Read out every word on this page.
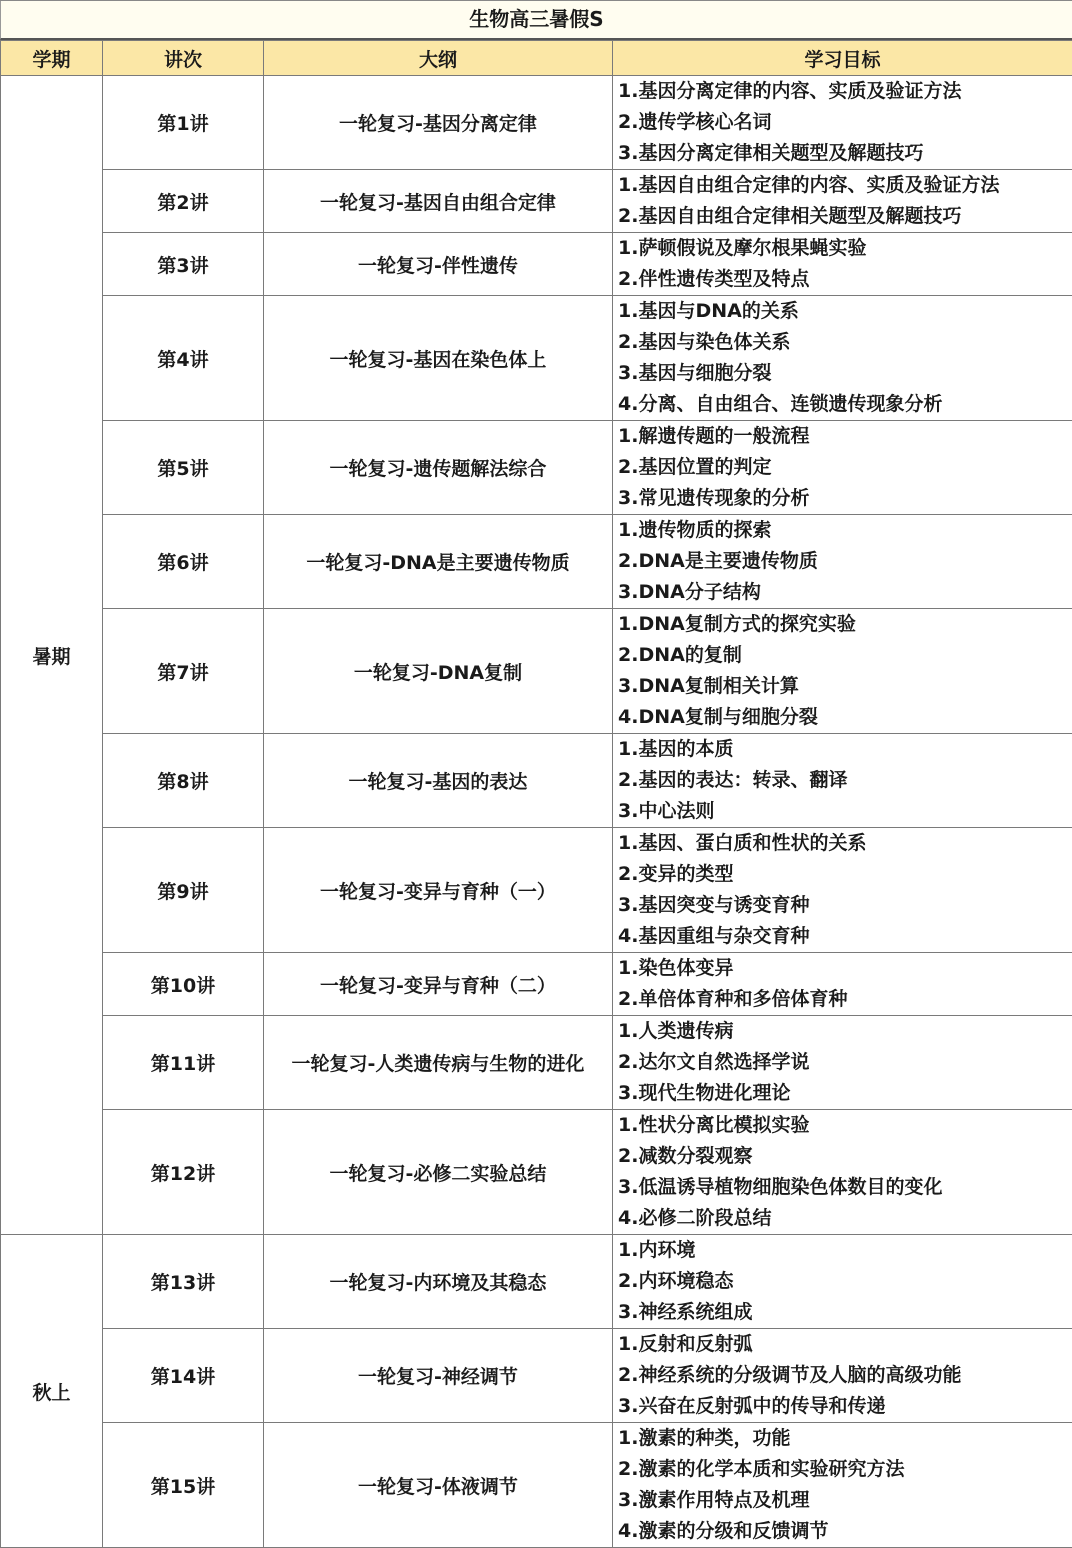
生物高三暑假S
学期	讲次	大纲	学习目标
暑期	第1讲	一轮复习-基因分离定律	1.基因分离定律的内容、实质及验证方法
2.遗传学核心名词
3.基因分离定律相关题型及解题技巧

	第2讲	一轮复习-基因自由组合定律	1.基因自由组合定律的内容、实质及验证方法
2.基因自由组合定律相关题型及解题技巧

	第3讲	一轮复习-伴性遗传	1.萨顿假说及摩尔根果蝇实验
2.伴性遗传类型及特点

	第4讲	一轮复习-基因在染色体上	1.基因与DNA的关系
2.基因与染色体关系
3.基因与细胞分裂
4.分离、自由组合、连锁遗传现象分析

	第5讲	一轮复习-遗传题解法综合	1.解遗传题的一般流程
2.基因位置的判定
3.常见遗传现象的分析

	第6讲	一轮复习-DNA是主要遗传物质	1.遗传物质的探索
2.DNA是主要遗传物质
3.DNA分子结构

	第7讲	一轮复习-DNA复制	1.DNA复制方式的探究实验
2.DNA的复制
3.DNA复制相关计算
4.DNA复制与细胞分裂

	第8讲	一轮复习-基因的表达	1.基因的本质
2.基因的表达：转录、翻译
3.中心法则

	第9讲	一轮复习-变异与育种（一）	1.基因、蛋白质和性状的关系
2.变异的类型
3.基因突变与诱变育种
4.基因重组与杂交育种

	第10讲	一轮复习-变异与育种（二）	1.染色体变异
2.单倍体育种和多倍体育种

	第11讲	一轮复习-人类遗传病与生物的进化	1.人类遗传病
2.达尔文自然选择学说
3.现代生物进化理论

	第12讲	一轮复习-必修二实验总结	1.性状分离比模拟实验
2.减数分裂观察
3.低温诱导植物细胞染色体数目的变化
4.必修二阶段总结

秋上	第13讲	一轮复习-内环境及其稳态	1.内环境
2.内环境稳态
3.神经系统组成

	第14讲	一轮复习-神经调节	1.反射和反射弧
2.神经系统的分级调节及人脑的高级功能
3.兴奋在反射弧中的传导和传递

	第15讲	一轮复习-体液调节	1.激素的种类，功能
2.激素的化学本质和实验研究方法
3.激素作用特点及机理
4.激素的分级和反馈调节
